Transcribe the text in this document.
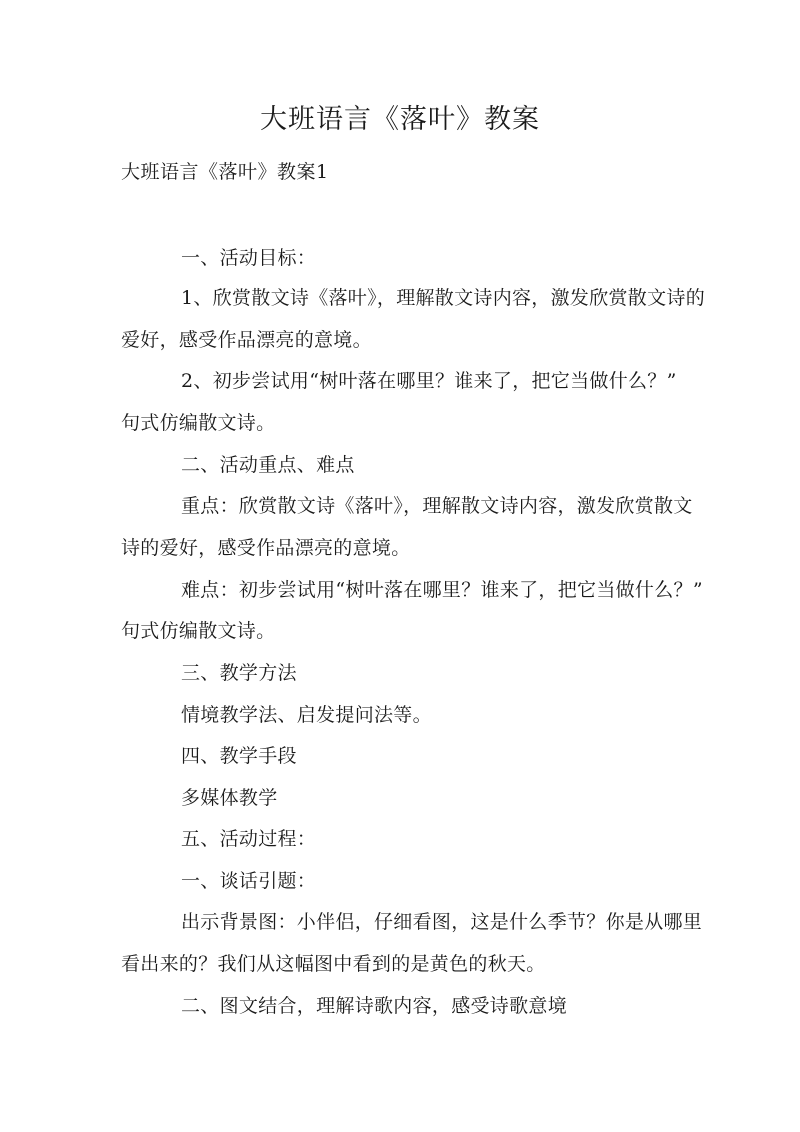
大班语言《落叶》教案
大班语言《落叶》教案1
一、活动目标：
1、欣赏散文诗《落叶》，理解散文诗内容，激发欣赏散文诗的
爱好，感受作品漂亮的意境。
2、初步尝试用“树叶落在哪里？谁来了，把它当做什么？”
句式仿编散文诗。
二、活动重点、难点
重点：欣赏散文诗《落叶》，理解散文诗内容，激发欣赏散文
诗的爱好，感受作品漂亮的意境。
难点：初步尝试用“树叶落在哪里？谁来了，把它当做什么？”
句式仿编散文诗。
三、教学方法
情境教学法、启发提问法等。
四、教学手段
多媒体教学
五、活动过程：
一、谈话引题：
出示背景图：小伴侣，仔细看图，这是什么季节？你是从哪里
看出来的？我们从这幅图中看到的是黄色的秋天。
二、图文结合，理解诗歌内容，感受诗歌意境
